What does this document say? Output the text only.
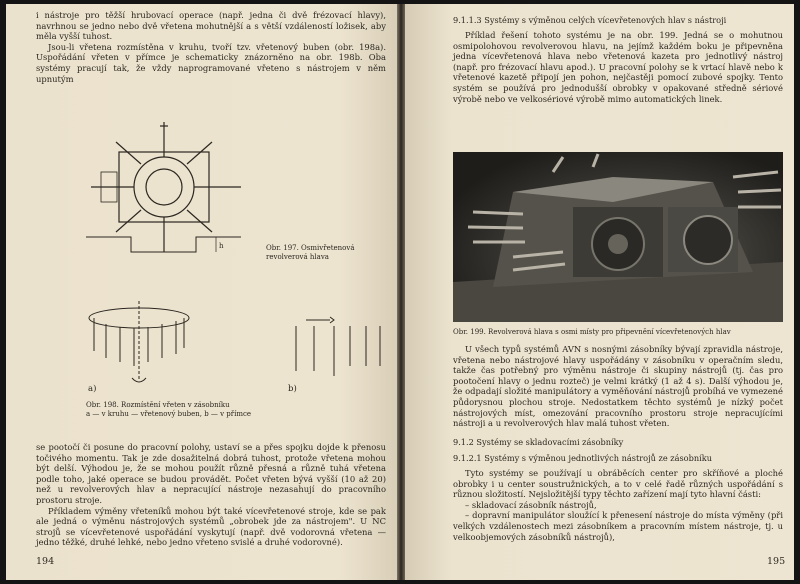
i nástroje pro těžší hrubovací operace (např. jedna či dvě frézovací hlavy), navrhnou se jedno nebo dvě vřetena mohutnější a s větší vzdáleností ložisek, aby měla vyšší tuhost.

Jsou-li vřetena rozmístěna v kruhu, tvoří tzv. vřetenový buben (obr. 198a). Uspořádání vřeten v přímce je schematicky znázorněno na obr. 198b. Oba systémy pracují tak, že vždy naprogramované vřeteno s nástrojem v něm upnutým

h	Obr. 197. Osmivřetenová
revolverová hlava
a)	b)
Obr. 198. Rozmístění vřeten v zásobníku
a — v kruhu — vřetenový buben, b — v přímce

se pootočí či posune do pracovní polohy, ustaví se a přes spojku dojde k přenosu točivého momentu. Tak je zde dosažitelná dobrá tuhost, protože vřetena mohou být delší. Výhodou je, že se mohou použít různě přesná a různě tuhá vřetena podle toho, jaké operace se budou provádět. Počet vřeten bývá vyšší (10 až 20) než u revolverových hlav a nepracující nástroje nezasahují do pracovního prostoru stroje.

Příkladem výměny vřeteníků mohou být také vícevřetenové stroje, kde se pak ale jedná o výměnu nástrojových systémů „obrobek jde za nástrojem". U NC strojů se vícevřetenové uspořádání vyskytují (např. dvě vodorovná vřetena — jedno těžké, druhé lehké, nebo jedno vřeteno svislé a druhé vodorovné).

194
9.1.1.3 Systémy s výměnou celých vícevřetenových hlav s nástroji

Příklad řešení tohoto systému je na obr. 199. Jedná se o mohutnou osmipolohovou revolverovou hlavu, na jejímž každém boku je připevněna jedna vícevřetenová hlava nebo vřetenová kazeta pro jednotlivý nástroj (např. pro frézovací hlavu apod.). U pracovní polohy se k vrtací hlavě nebo k vřetenové kazetě připojí jen pohon, nejčastěji pomocí zubové spojky. Tento systém se používá pro jednodušší obrobky v opakované středně sériové výrobě nebo ve velkosériové výrobě mimo automatických linek.

Obr. 199. Revolverová hlava s osmi místy pro připevnění vícevřetenových hlav

U všech typů systémů AVN s nosnými zásobníky bývají zpravidla nástroje, vřetena nebo nástrojové hlavy uspořádány v zásobníku v operačním sledu, takže čas potřebný pro výměnu nástroje či skupiny nástrojů (tj. čas pro pootočení hlavy o jednu rozteč) je velmi krátký (1 až 4 s). Další výhodou je, že odpadají složité manipulátory a vyměňování nástrojů probíhá ve vymezené půdorysnou plochou stroje. Nedostatkem těchto systémů je nízký počet nástrojových míst, omezování pracovního prostoru stroje nepracujícími nástroji a u revolverových hlav malá tuhost vřeten.

9.1.2 Systémy se skladovacími zásobníky
9.1.2.1 Systémy s výměnou jednotlivých nástrojů ze zásobníku

Tyto systémy se používají u obráběcích center pro skříňové a ploché obrobky i u center soustružnických, a to v celé řadě různých uspořádání s různou složitostí. Nejsložitější typy těchto zařízení mají tyto hlavní části:

– skladovací zásobník nástrojů,

– dopravní manipulátor sloužící k přenesení nástroje do místa výměny (při velkých vzdálenostech mezi zásobníkem a pracovním místem nástroje, tj. u velkoobjemových zásobníků nástrojů),

195
